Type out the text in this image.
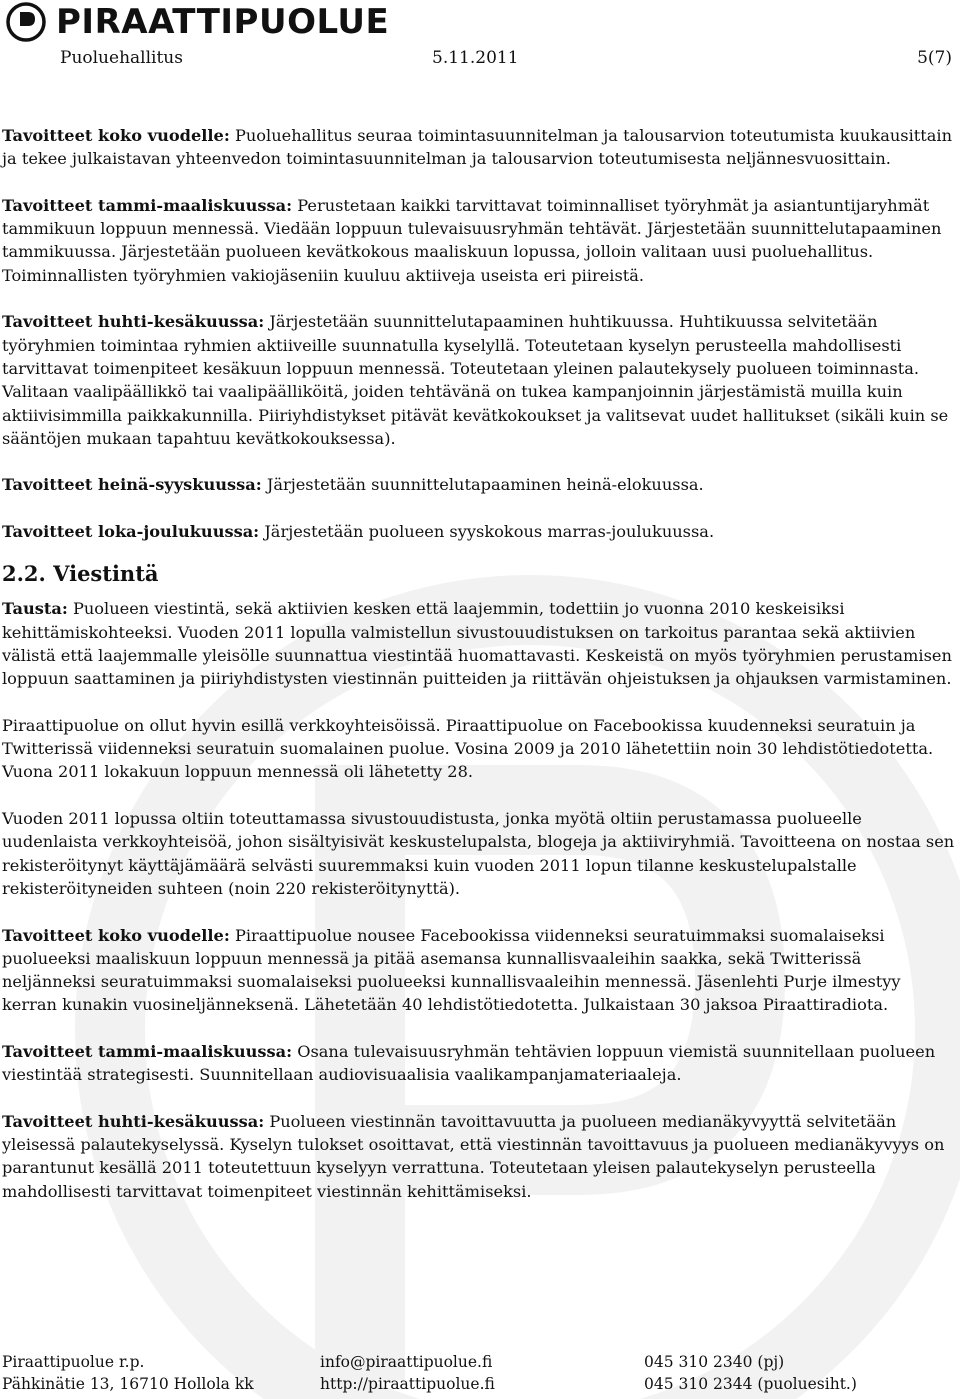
PIRAATTIPUOLUE
Puoluehallitus	5.11.2011	5(7)

Tavoitteet koko vuodelle: Puoluehallitus seuraa toimintasuunnitelman ja talousarvion toteutumista kuukausittain ja tekee julkaistavan yhteenvedon toimintasuunnitelman ja talousarvion toteutumisesta neljännesvuosittain.

Tavoitteet tammi-maaliskuussa: Perustetaan kaikki tarvittavat toiminnalliset työryhmät ja asiantuntijaryhmät tammikuun loppuun mennessä. Viedään loppuun tulevaisuusryhmän tehtävät. Järjestetään suunnittelutapaaminen tammikuussa. Järjestetään puolueen kevätkokous maaliskuun lopussa, jolloin valitaan uusi puoluehallitus. Toiminnallisten työryhmien vakiojäseniin kuuluu aktiiveja useista eri piireistä.

Tavoitteet huhti-kesäkuussa: Järjestetään suunnittelutapaaminen huhtikuussa. Huhtikuussa selvitetään työryhmien toimintaa ryhmien aktiiveille suunnatulla kyselyllä. Toteutetaan kyselyn perusteella mahdollisesti tarvittavat toimenpiteet kesäkuun loppuun mennessä. Toteutetaan yleinen palautekysely puolueen toiminnasta. Valitaan vaalipäällikkö tai vaalipäälliköitä, joiden tehtävänä on tukea kampanjoinnin järjestämistä muilla kuin aktiivisimmilla paikkakunnilla. Piiriyhdistykset pitävät kevätkokoukset ja valitsevat uudet hallitukset (sikäli kuin se sääntöjen mukaan tapahtuu kevätkokouksessa).

Tavoitteet heinä-syyskuussa: Järjestetään suunnittelutapaaminen heinä-elokuussa.

Tavoitteet loka-joulukuussa: Järjestetään puolueen syyskokous marras-joulukuussa.

2.2. Viestintä

Tausta: Puolueen viestintä, sekä aktiivien kesken että laajemmin, todettiin jo vuonna 2010 keskeisiksi kehittämiskohteeksi. Vuoden 2011 lopulla valmistellun sivustouudistuksen on tarkoitus parantaa sekä aktiivien välistä että laajemmalle yleisölle suunnattua viestintää huomattavasti. Keskeistä on myös työryhmien perustamisen loppuun saattaminen ja piiriyhdistysten viestinnän puitteiden ja riittävän ohjeistuksen ja ohjauksen varmistaminen.

Piraattipuolue on ollut hyvin esillä verkkoyhteisöissä. Piraattipuolue on Facebookissa kuudenneksi seuratuin ja Twitterissä viidenneksi seuratuin suomalainen puolue. Vosina 2009 ja 2010 lähetettiin noin 30 lehdistötiedotetta. Vuona 2011 lokakuun loppuun mennessä oli lähetetty 28.

Vuoden 2011 lopussa oltiin toteuttamassa sivustouudistusta, jonka myötä oltiin perustamassa puolueelle uudenlaista verkkoyhteisöä, johon sisältyisivät keskustelupalsta, blogeja ja aktiiviryhmiä. Tavoitteena on nostaa sen rekisteröitynyt käyttäjämäärä selvästi suuremmaksi kuin vuoden 2011 lopun tilanne keskustelupalstalle rekisteröityneiden suhteen (noin 220 rekisteröitynyttä).

Tavoitteet koko vuodelle: Piraattipuolue nousee Facebookissa viidenneksi seuratuimmaksi suomalaiseksi puolueeksi maaliskuun loppuun mennessä ja pitää asemansa kunnallisvaaleihin saakka, sekä Twitterissä neljänneksi seuratuimmaksi suomalaiseksi puolueeksi kunnallisvaaleihin mennessä. Jäsenlehti Purje ilmestyy kerran kunakin vuosineljänneksenä. Lähetetään 40 lehdistötiedotetta. Julkaistaan 30 jaksoa Piraattiradiota.

Tavoitteet tammi-maaliskuussa: Osana tulevaisuusryhmän tehtävien loppuun viemistä suunnitellaan puolueen viestintää strategisesti. Suunnitellaan audiovisuaalisia vaalikampanjamateriaaleja.

Tavoitteet huhti-kesäkuussa: Puolueen viestinnän tavoittavuutta ja puolueen medianäkyvyyttä selvitetään yleisessä palautekyselyssä. Kyselyn tulokset osoittavat, että viestinnän tavoittavuus ja puolueen medianäkyvyys on parantunut kesällä 2011 toteutettuun kyselyyn verrattuna. Toteutetaan yleisen palautekyselyn perusteella mahdollisesti tarvittavat toimenpiteet viestinnän kehittämiseksi.

Piraattipuolue r.p.
Pähkinätie 13, 16710 Hollola kk
info@piraattipuolue.fi
http://piraattipuolue.fi
045 310 2340 (pj)
045 310 2344 (puoluesiht.)
